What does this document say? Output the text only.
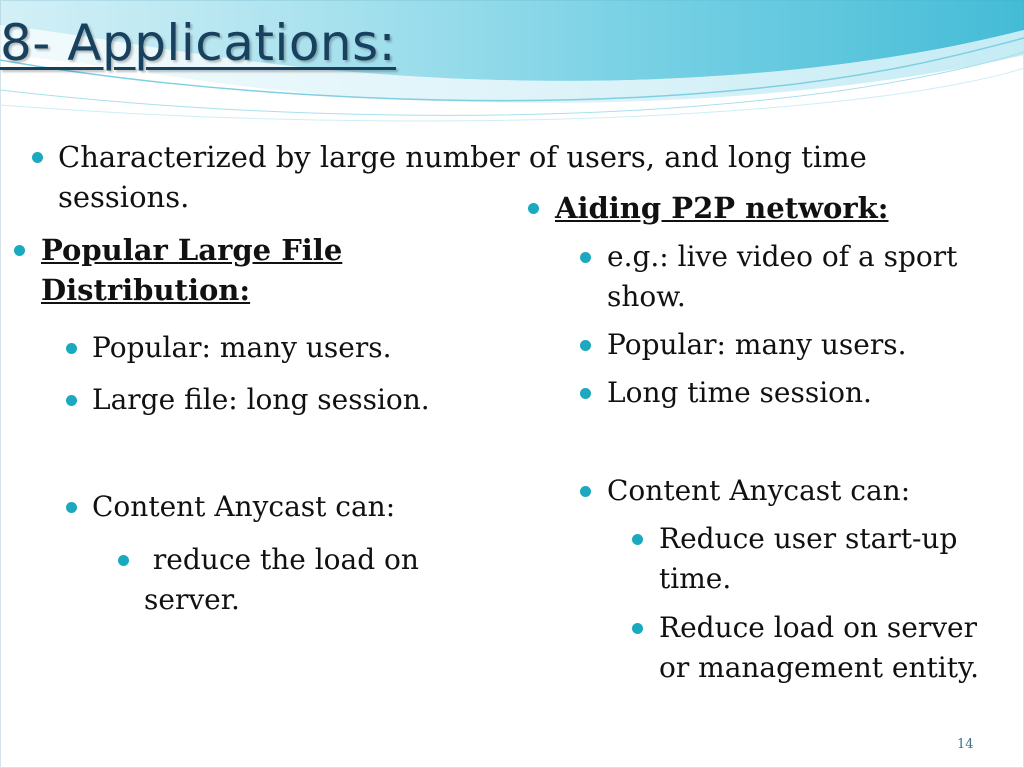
8- Applications:
Characterized by large number of users, and long time sessions.
Popular Large File Distribution:
Popular: many users.
Large file: long session.
Content Anycast can:
reduce the load on server.
Aiding P2P network:
e.g.: live video of a sport show.
Popular: many users.
Long time session.
Content Anycast can:
Reduce user start-up time.
Reduce load on server or management entity.
14
